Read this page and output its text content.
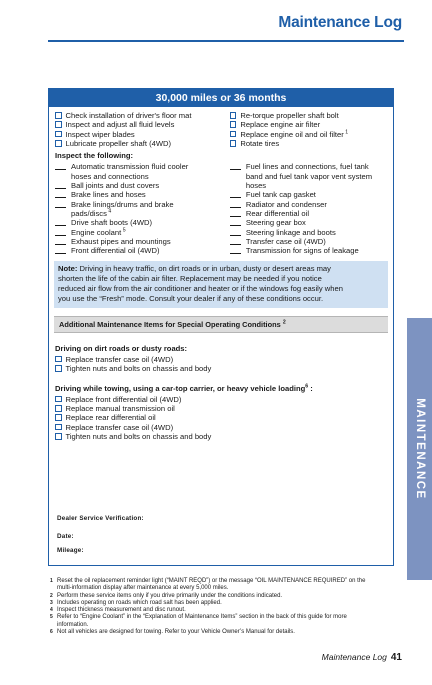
Maintenance Log
30,000 miles or 36 months
Check installation of driver's floor mat
Inspect and adjust all fluid levels
Inspect wiper blades
Lubricate propeller shaft (4WD)
Re-torque propeller shaft bolt
Replace engine air filter
Replace engine oil and oil filter $^1$
Rotate tires
Inspect the following:
Automatic transmission fluid cooler
hoses and connections
Ball joints and dust covers
Brake lines and hoses
Brake linings/drums and brake
pads/discs $^4$
Drive shaft boots (4WD)
Engine coolant $^5$
Exhaust pipes and mountings
Front differential oil (4WD)
Fuel lines and connections, fuel tank
band and fuel tank vapor vent system
hoses
Fuel tank cap gasket
Radiator and condenser
Rear differential oil
Steering gear box
Steering linkage and boots
Transfer case oil (4WD)
Transmission for signs of leakage
Note: Driving in heavy traffic, on dirt roads or in urban, dusty or desert areas may
shorten the life of the cabin air filter. Replacement may be needed if you notice
reduced air flow from the air conditioner and heater or if the windows fog easily when
you use the “Fresh” mode. Consult your dealer if any of these conditions occur.
Additional Maintenance Items for Special Operating Conditions $^2$
Driving on dirt roads or dusty roads:
Replace transfer case oil (4WD)
Tighten nuts and bolts on chassis and body
Driving while towing, using a car-top carrier, or heavy vehicle loading$^6$ :
Replace front differential oil (4WD)
Replace manual transmission oil
Replace rear differential oil
Replace transfer case oil (4WD)
Tighten nuts and bolts on chassis and body
Dealer Service Verification:
Date:
Mileage:
MAINTENANCE
1 Reset the oil replacement reminder light (“MAINT REQD”) or the message “OIL MAINTENANCE REQUIRED” on the
multi-information display after maintenance at every 5,000 miles.
2 Perform these service items only if you drive primarily under the conditions indicated.
3 Includes operating on roads which road salt has been applied.
4 Inspect thickness measurement and disc runout.
5 Refer to “Engine Coolant” in the “Explanation of Maintenance Items” section in the back of this guide for more
information.
6 Not all vehicles are designed for towing. Refer to your Vehicle Owner’s Manual for details.
Maintenance Log 41
